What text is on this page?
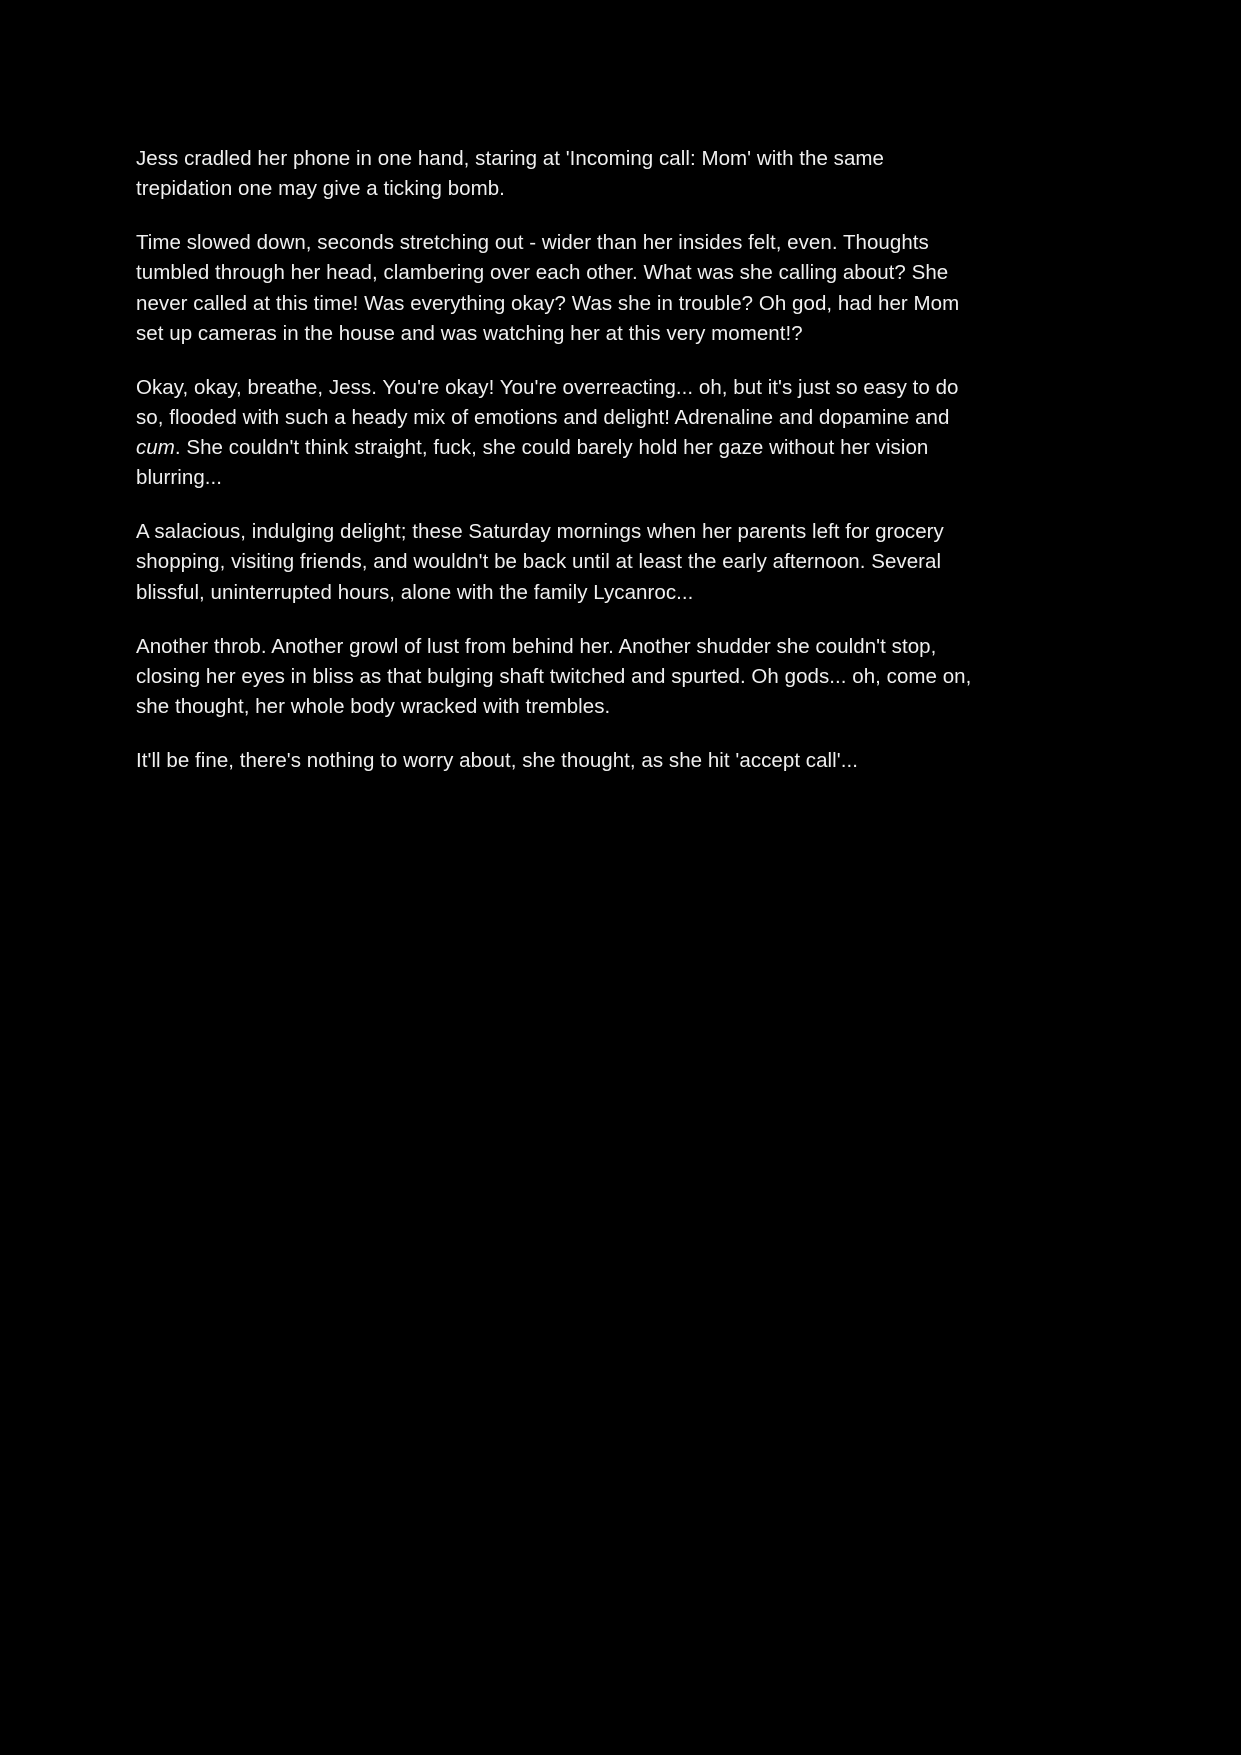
Jess cradled her phone in one hand, staring at 'Incoming call: Mom' with the same trepidation one may give a ticking bomb.

Time slowed down, seconds stretching out - wider than her insides felt, even. Thoughts tumbled through her head, clambering over each other. What was she calling about? She never called at this time! Was everything okay? Was she in trouble? Oh god, had her Mom set up cameras in the house and was watching her at this very moment!?

Okay, okay, breathe, Jess. You're okay! You're overreacting... oh, but it's just so easy to do so, flooded with such a heady mix of emotions and delight! Adrenaline and dopamine and cum. She couldn't think straight, fuck, she could barely hold her gaze without her vision blurring...

A salacious, indulging delight; these Saturday mornings when her parents left for grocery shopping, visiting friends, and wouldn't be back until at least the early afternoon. Several blissful, uninterrupted hours, alone with the family Lycanroc...

Another throb. Another growl of lust from behind her. Another shudder she couldn't stop, closing her eyes in bliss as that bulging shaft twitched and spurted. Oh gods... oh, come on, she thought, her whole body wracked with trembles.

It'll be fine, there's nothing to worry about, she thought, as she hit 'accept call'...
